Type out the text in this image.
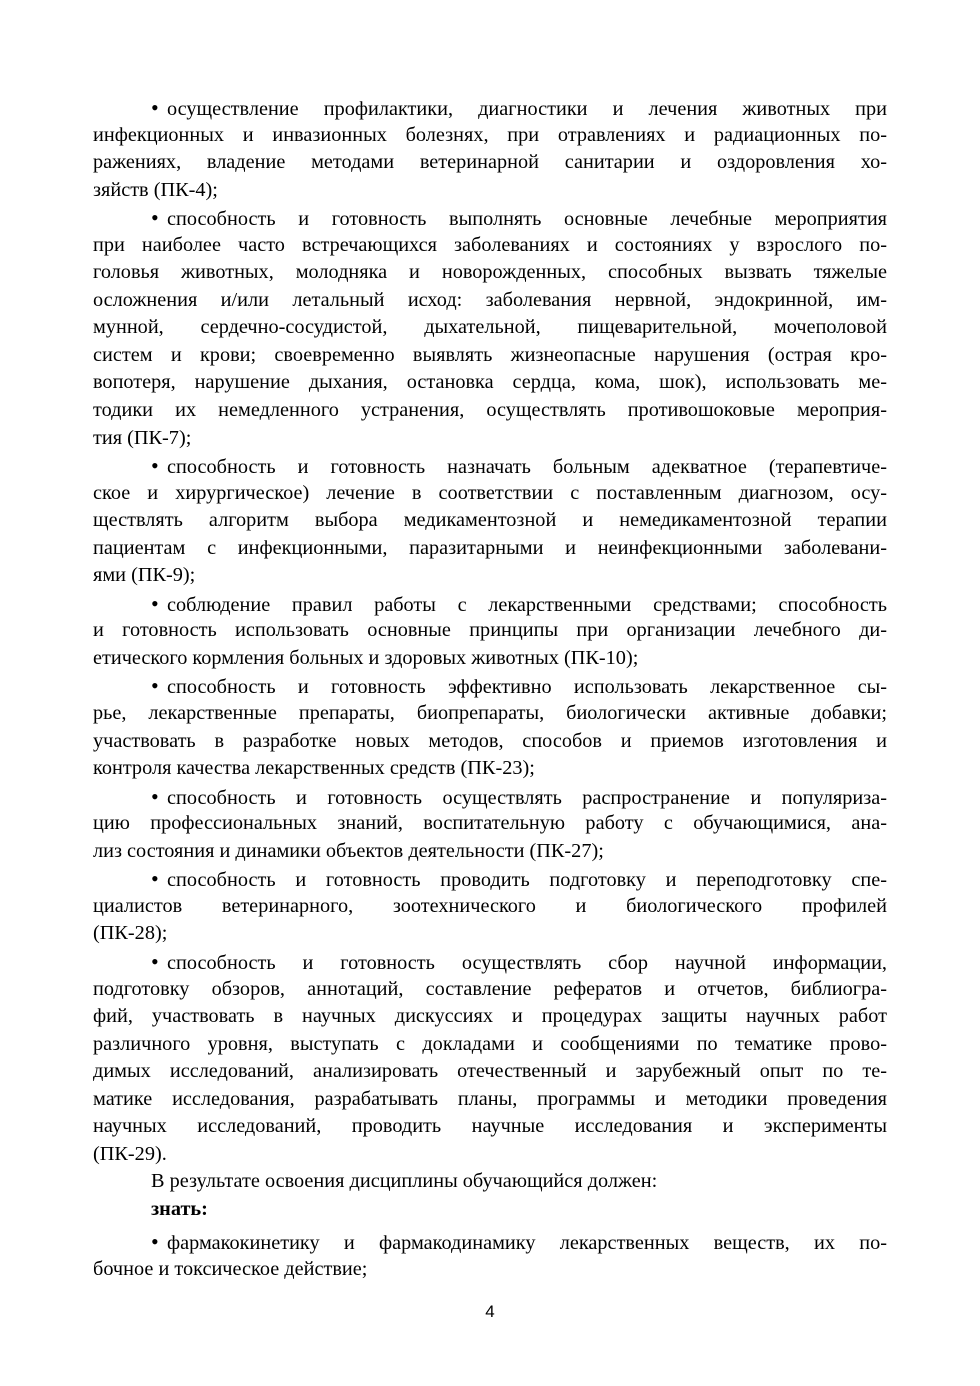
•осуществление профилактики, диагностики и лечения животных при
инфекционных и инвазионных болезнях, при отравлениях и радиационных по-
ражениях, владение методами ветеринарной санитарии и оздоровления хо-
зяйств (ПК-4);
•способность и готовность выполнять основные лечебные мероприятия
при наиболее часто встречающихся заболеваниях и состояниях у взрослого по-
головья животных, молодняка и новорожденных, способных вызвать тяжелые
осложнения и/или летальный исход: заболевания нервной, эндокринной, им-
мунной, сердечно-сосудистой, дыхательной, пищеварительной, мочеполовой
систем и крови; своевременно выявлять жизнеопасные нарушения (острая кро-
вопотеря, нарушение дыхания, остановка сердца, кома, шок), использовать ме-
тодики их немедленного устранения, осуществлять противошоковые мероприя-
тия (ПК-7);
•способность и готовность назначать больным адекватное (терапевтиче-
ское и хирургическое) лечение в соответствии с поставленным диагнозом, осу-
ществлять алгоритм выбора медикаментозной и немедикаментозной терапии
пациентам с инфекционными, паразитарными и неинфекционными заболевани-
ями (ПК-9);
•соблюдение правил работы с лекарственными средствами; способность
и готовность использовать основные принципы при организации лечебного ди-
етического кормления больных и здоровых животных (ПК-10);
•способность и готовность эффективно использовать лекарственное сы-
рье, лекарственные препараты, биопрепараты, биологически активные добавки;
участвовать в разработке новых методов, способов и приемов изготовления и
контроля качества лекарственных средств (ПК-23);
•способность и готовность осуществлять распространение и популяриза-
цию профессиональных знаний, воспитательную работу с обучающимися, ана-
лиз состояния и динамики объектов деятельности (ПК-27);
•способность и готовность проводить подготовку и переподготовку спе-
циалистов ветеринарного, зоотехнического и биологического профилей
(ПК-28);
•способность и готовность осуществлять сбор научной информации,
подготовку обзоров, аннотаций, составление рефератов и отчетов, библиогра-
фий, участвовать в научных дискуссиях и процедурах защиты научных работ
различного уровня, выступать с докладами и сообщениями по тематике прово-
димых исследований, анализировать отечественный и зарубежный опыт по те-
матике исследования, разрабатывать планы, программы и методики проведения
научных исследований, проводить научные исследования и эксперименты
(ПК-29).
В результате освоения дисциплины обучающийся должен:
знать:
•фармакокинетику и фармакодинамику лекарственных веществ, их по-
бочное и токсическое действие;
4
